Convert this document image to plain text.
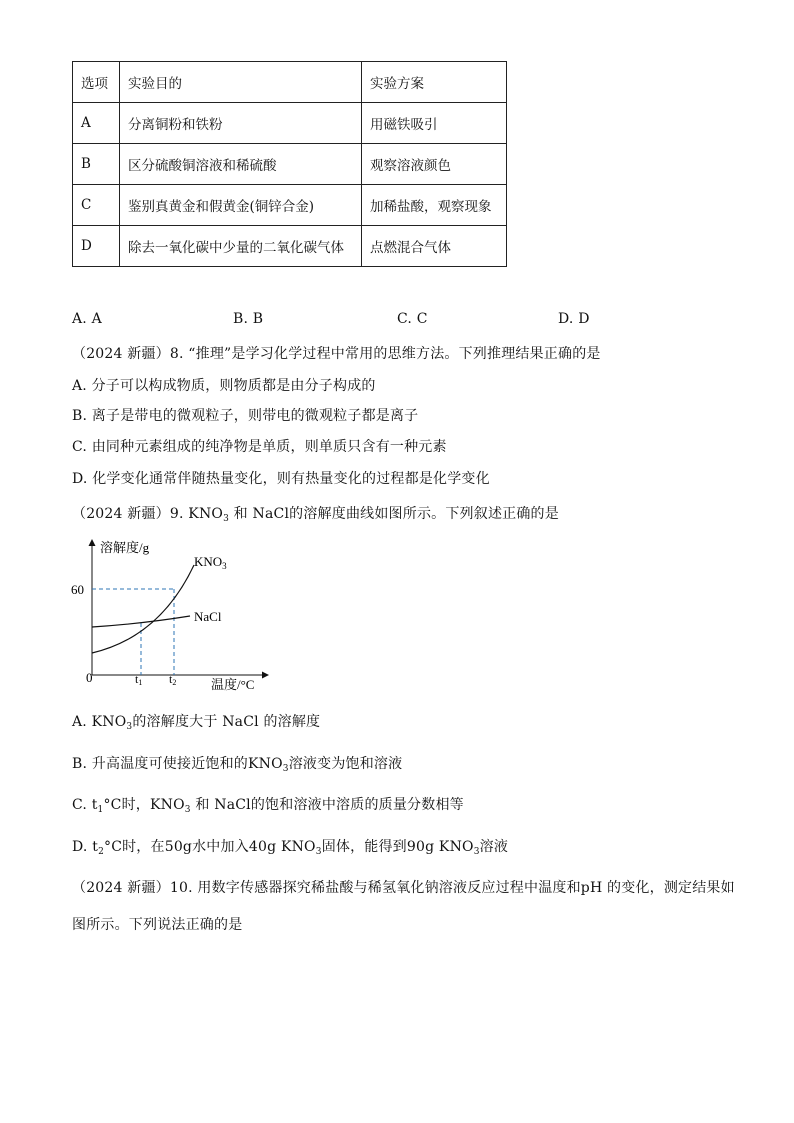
选项	实验目的	实验方案
A	分离铜粉和铁粉	用磁铁吸引
B	区分硫酸铜溶液和稀硫酸	观察溶液颜色
C	鉴别真黄金和假黄金(铜锌合金)	加稀盐酸，观察现象
D	除去一氧化碳中少量的二氧化碳气体	点燃混合气体
A. A	B. B	C. C	D. D
（2024 新疆）8. “推理”是学习化学过程中常用的思维方法。下列推理结果正确的是
A. 分子可以构成物质，则物质都是由分子构成的
B. 离子是带电的微观粒子，则带电的微观粒子都是离子
C. 由同种元素组成的纯净物是单质，则单质只含有一种元素
D. 化学变化通常伴随热量变化，则有热量变化的过程都是化学变化
（2024 新疆）9. $KNO_3$ 和 NaCl的溶解度曲线如图所示。下列叙述正确的是
溶解度/g
60
0
$KNO_3$
NaCl
t1 t2	温度/°C
A. $KNO_3$的溶解度大于 NaCl 的溶解度
B. 升高温度可使接近饱和的$KNO_3$溶液变为饱和溶液
C. $t_1^\circ C$时，$KNO_3$ 和 NaCl的饱和溶液中溶质的质量分数相等
D. $t_2^\circ C$时，在50g水中加入40g $KNO_3$固体，能得到90g $KNO_3$溶液
（2024 新疆）10. 用数字传感器探究稀盐酸与稀氢氧化钠溶液反应过程中温度和pH 的变化，测定结果如
图所示。下列说法正确的是
